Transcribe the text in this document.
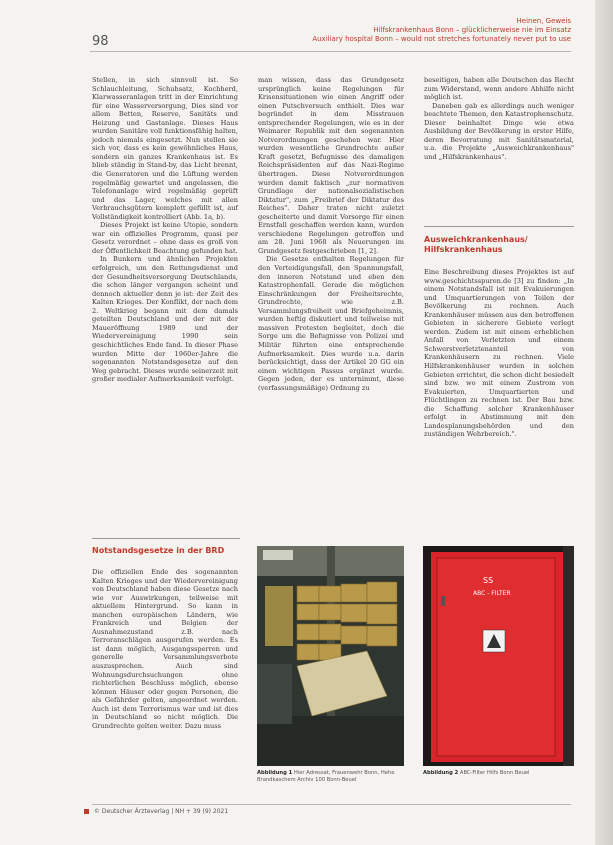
98
Heinen, Geweis
Hilfskrankenhaus Bonn – glücklicherweise nie im Einsatz
Auxiliary hospital Bonn – would not stretches fortunately never put to use

Stellen, in sich sinnvoll ist. So Schlauchleitung, Schuhsatz, Kochherd, Klarwasseranlagen tritt in der Einrichtung für eine Wasserversorgung, Dies sind vor allem Betten, Reserve, Sanitäts und Heizung und Gastanlage. Dieses Haus wurden Sanitäre voll funktionsfähig halten, jedoch niemals eingesetzt. Nun stellen sie sich vor, dass es kein gewöhnliches Haus, sondern ein ganzes Krankenhaus ist. Es blieb ständig in Stand-by, das Licht brennt, die Generatoren und die Lüftung werden regelmäßig gewartet und angelassen, die Telefonanlage wird regelmäßig geprüft und das Lager, welches mit allen Verbrauchsgütern komplett gefüllt ist, auf Vollständigkeit kontrolliert (Abb. 1a, b).

Dieses Projekt ist keine Utopie, sondern war ein offizielles Programm, quasi per Gesetz verordnet – ohne dass es groß von der Öffentlichkeit Beachtung gefunden hat.

In Bunkern und ähnlichen Projekten erfolgreich, um den Rettungsdienst und der Gesundheitsversorgung Deutschlands, die schon länger vergangen scheint und dennoch aktueller denn je ist: der Zeit des Kalten Krieges. Der Konflikt, der nach dem 2. Weltkrieg begann mit dem damals geteilten Deutschland und der mit der Maueröffnung 1989 und der Wiedervereinigung 1990 sein geschichtliches Ende fand. In dieser Phase wurden Mitte der 1960er-Jahre die sogenannten Notstandsgesetze auf den Weg gebracht. Dieses wurde seinerzeit mit großer medialer Aufmerksamkeit verfolgt.

man wissen, dass das Grundgesetz ursprünglich keine Regelungen für Krisensituationen wie einen Angriff oder einen Putschversuch enthielt. Dies war begründet in dem Misstrauen entsprechender Regelungen, wie es in der Weimarer Republik mit den sogenannten Notverordnungen geschehen war. Hier wurden wesentliche Grundrechte außer Kraft gesetzt, Befugnisse des damaligen Reichspräsidenten auf das Nazi-Regime übertragen. Diese Notverordnungen wurden damit faktisch „zur normativen Grundlage der nationalsozialistischen Diktatur", zum „Freibrief der Diktatur des Reiches". Daher traten nicht zuletzt gescheiterte und damit Vorsorge für einen Ernstfall geschaffen werden kann, wurden verschiedene Regelungen getroffen und am 28. Juni 1968 als Neuerungen im Grundgesetz festgeschrieben [1, 2].

Die Gesetze enthalten Regelungen für den Verteidigungsfall, den Spannungsfall, den inneren Notstand und eben den Katastrophenfall. Gerade die möglichen Einschränkungen der Freiheitsrechte, Grundrechte, wie z.B. Versammlungsfreiheit und Briefgeheimnis, wurden heftig diskutiert und teilweise mit massiven Protesten begleitet, doch die Sorge um die Befugnisse von Polizei und Militär führten eine entsprechende Aufmerksamkeit. Dies wurde u.a. darin berücksichtigt, dass der Artikel 20 GG ein einen wichtigen Passus ergänzt wurde. Gegen jeden, der es unternimmt, diese (verfassungsmäßige) Ordnung zu

beseitigen, haben alle Deutschen das Recht zum Widerstand, wenn andere Abhilfe nicht möglich ist.

Daneben gab es allerdings auch weniger beachtete Themen, den Katastrophenschutz. Dieser beinhaltet Dinge wie etwa Ausbildung der Bevölkerung in erster Hilfe, deren Bevorratung mit Sanitätsmaterial, u.a. die Projekte „Ausweichkrankenhaus" und „Hilfskrankenhaus".

Ausweichkrankenhaus/ Hilfskrankenhaus

Eine Beschreibung dieses Projektes ist auf www.geschichtsspuren.de [3] zu finden: „In einem Notstandsfall ist mit Evakuierungen und Umquartierungen von Teilen der Bevölkerung zu rechnen. Auch Krankenhäuser müssen aus den betroffenen Gebieten in sicherere Gebiete verlegt werden. Zudem ist mit einem erheblichen Anfall von Verletzten und einem Schwerstverletztenanteil von Krankenhäusern zu rechnen. Viele Hilfskrankenhäuser wurden in solchen Gebieten errichtet, die schon dicht besiedelt sind bzw. wo mit einem Zustrom von Evakuierten, Umquartierten und Flüchtlingen zu rechnen ist. Der Bau bzw. die Schaffung solcher Krankenhäuser erfolgt in Abstimmung mit den Landesplanungsbehörden und den zuständigen Wehrbereich.".

Notstandsgesetze in der BRD

Die offiziellen Ende des sogenannten Kalten Krieges und der Wiedervereinigung von Deutschland haben diese Gesetze nach wie vor Auswirkungen, teilweise mit aktuellem Hintergrund. So kann in manchen europäischen Ländern, wie Frankreich und Belgien der Ausnahmezustand z.B. nach Terroranschlägen ausgerufen werden. Es ist dann möglich, Ausgangssperren und generelle Versammlungsverbote auszusprechen. Auch sind Wohnungsdurchsuchungen ohne richterlichen Beschluss möglich, ebenso können Häuser oder gegen Personen, die als Gefährder gelten, angeordnet werden. Auch ist dem Terrorismus war und ist dies in Deutschland so nicht möglich. Die Grundrechte gelten weiter. Dazu muss

Abbildung 1 Hier Adressat, Frauenwehr Bonn, Hehe Brandkaschem Archiv 100 Bonn-Beuel
SS
ABC - FILTER
Abbildung 2 ABC-Filter Hilfs Bonn Beuel
© Deutscher Ärzteverlag | NH + 39 (9) 2021
